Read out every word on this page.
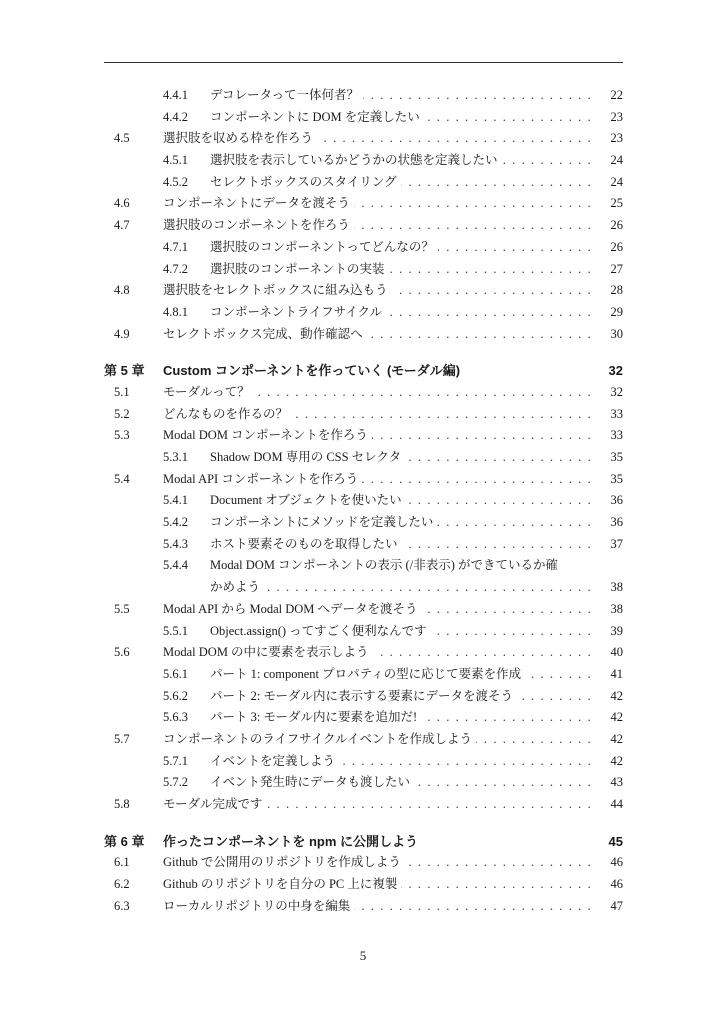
4.4.1 デコレータって一体何者？ .....	22
4.4.2 コンポーネントに DOM を定義したい .....	23
4.5	選択肢を収める枠を作ろう .....	23
4.5.1 選択肢を表示しているかどうかの状態を定義したい .....	24
4.5.2 セレクトボックスのスタイリング .....	24
4.6	コンポーネントにデータを渡そう .....	25
4.7	選択肢のコンポーネントを作ろう .....	26
4.7.1 選択肢のコンポーネントってどんなの？ .....	26
4.7.2 選択肢のコンポーネントの実装 .....	27
4.8	選択肢をセレクトボックスに組み込もう .....	28
4.8.1 コンポーネントライフサイクル .....	29
4.9	セレクトボックス完成、動作確認へ .....	30
第 5 章 Custom コンポーネントを作っていく (モーダル編)	32
5.1	モーダルって？ .....	32
5.2	どんなものを作るの？ .....	33
5.3	Modal DOM コンポーネントを作ろう .....	33
5.3.1 Shadow DOM 専用の CSS セレクタ .....	35
5.4	Modal API コンポーネントを作ろう .....	35
5.4.1 Document オブジェクトを使いたい .....	36
5.4.2 コンポーネントにメソッドを定義したい .....	36
5.4.3 ホスト要素そのものを取得したい .....	37
5.4.4 Modal DOM コンポーネントの表示 (/非表示) ができているか確
かめよう .....	38
5.5	Modal API から Modal DOM へデータを渡そう .....	38
5.5.1 Object.assign() ってすごく便利なんです .....	39
5.6	Modal DOM の中に要素を表示しよう .....	40
5.6.1 パート 1: component プロパティの型に応じて要素を作成 .....	41
5.6.2 パート 2: モーダル内に表示する要素にデータを渡そう .....	42
5.6.3 パート 3: モーダル内に要素を追加だ! .....	42
5.7	コンポーネントのライフサイクルイベントを作成しよう .....	42
5.7.1 イベントを定義しよう .....	42
5.7.2 イベント発生時にデータも渡したい .....	43
5.8	モーダル完成です .....	44
第 6 章 作ったコンポーネントを npm に公開しよう	45
6.1	Github で公開用のリポジトリを作成しよう .....	46
6.2	Github のリポジトリを自分の PC 上に複製 .....	46
6.3	ローカルリポジトリの中身を編集 .....	47
5
